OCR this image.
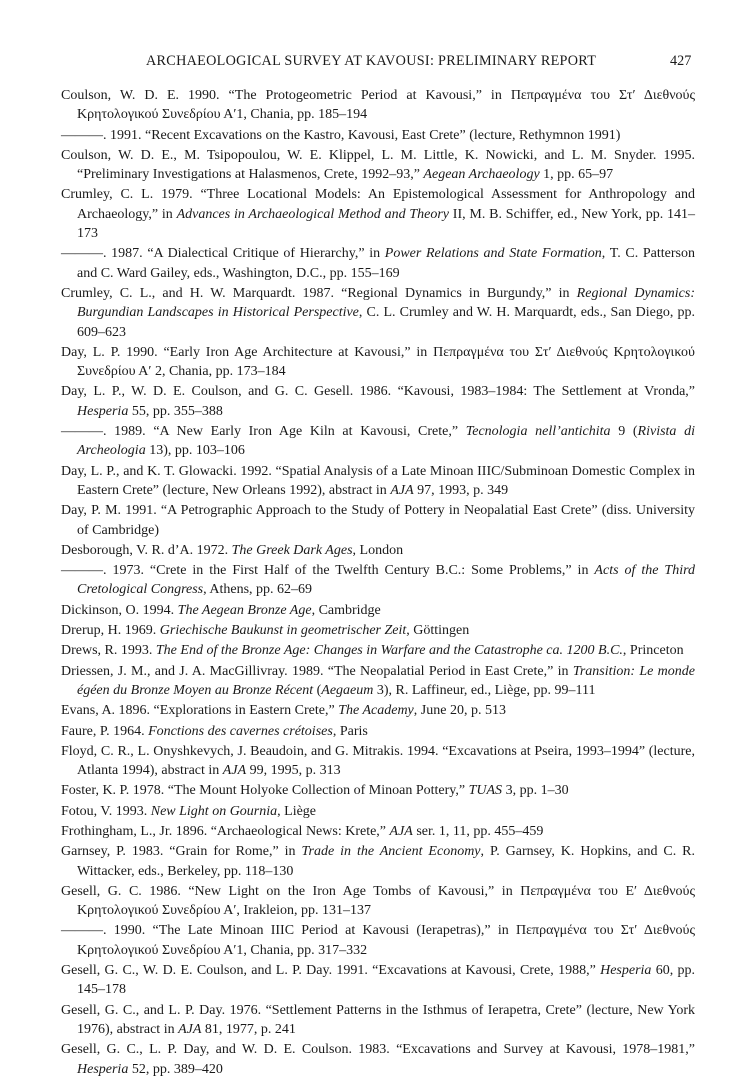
ARCHAEOLOGICAL SURVEY AT KAVOUSI: PRELIMINARY REPORT	427

Coulson, W. D. E. 1990. “The Protogeometric Period at Kavousi,” in Πεπραγμένα του Στ′ Διεθνούς Κρητολογικού Συνεδρίου Α′1, Chania, pp. 185–194

———. 1991. “Recent Excavations on the Kastro, Kavousi, East Crete” (lecture, Rethymnon 1991)

Coulson, W. D. E., M. Tsipopoulou, W. E. Klippel, L. M. Little, K. Nowicki, and L. M. Snyder. 1995. “Preliminary Investigations at Halasmenos, Crete, 1992–93,” Aegean Archaeology 1, pp. 65–97

Crumley, C. L. 1979. “Three Locational Models: An Epistemological Assessment for Anthropology and Archaeology,” in Advances in Archaeological Method and Theory II, M. B. Schiffer, ed., New York, pp. 141–173

———. 1987. “A Dialectical Critique of Hierarchy,” in Power Relations and State Formation, T. C. Patterson and C. Ward Gailey, eds., Washington, D.C., pp. 155–169

Crumley, C. L., and H. W. Marquardt. 1987. “Regional Dynamics in Burgundy,” in Regional Dynamics: Burgundian Landscapes in Historical Perspective, C. L. Crumley and W. H. Marquardt, eds., San Diego, pp. 609–623

Day, L. P. 1990. “Early Iron Age Architecture at Kavousi,” in Πεπραγμένα του Στ′ Διεθνούς Κρητολογικού Συνεδρίου Α′ 2, Chania, pp. 173–184

Day, L. P., W. D. E. Coulson, and G. C. Gesell. 1986. “Kavousi, 1983–1984: The Settlement at Vronda,” Hesperia 55, pp. 355–388

———. 1989. “A New Early Iron Age Kiln at Kavousi, Crete,” Tecnologia nell’antichita 9 (Rivista di Archeologia 13), pp. 103–106

Day, L. P., and K. T. Glowacki. 1992. “Spatial Analysis of a Late Minoan IIIC/Subminoan Domestic Complex in Eastern Crete” (lecture, New Orleans 1992), abstract in AJA 97, 1993, p. 349

Day, P. M. 1991. “A Petrographic Approach to the Study of Pottery in Neopalatial East Crete” (diss. University of Cambridge)

Desborough, V. R. d’A. 1972. The Greek Dark Ages, London

———. 1973. “Crete in the First Half of the Twelfth Century B.C.: Some Problems,” in Acts of the Third Cretological Congress, Athens, pp. 62–69

Dickinson, O. 1994. The Aegean Bronze Age, Cambridge

Drerup, H. 1969. Griechische Baukunst in geometrischer Zeit, Göttingen

Drews, R. 1993. The End of the Bronze Age: Changes in Warfare and the Catastrophe ca. 1200 B.C., Princeton

Driessen, J. M., and J. A. MacGillivray. 1989. “The Neopalatial Period in East Crete,” in Transition: Le monde égéen du Bronze Moyen au Bronze Récent (Aegaeum 3), R. Laffineur, ed., Liège, pp. 99–111

Evans, A. 1896. “Explorations in Eastern Crete,” The Academy, June 20, p. 513

Faure, P. 1964. Fonctions des cavernes crétoises, Paris

Floyd, C. R., L. Onyshkevych, J. Beaudoin, and G. Mitrakis. 1994. “Excavations at Pseira, 1993–1994” (lecture, Atlanta 1994), abstract in AJA 99, 1995, p. 313

Foster, K. P. 1978. “The Mount Holyoke Collection of Minoan Pottery,” TUAS 3, pp. 1–30

Fotou, V. 1993. New Light on Gournia, Liège

Frothingham, L., Jr. 1896. “Archaeological News: Krete,” AJA ser. 1, 11, pp. 455–459

Garnsey, P. 1983. “Grain for Rome,” in Trade in the Ancient Economy, P. Garnsey, K. Hopkins, and C. R. Wittacker, eds., Berkeley, pp. 118–130

Gesell, G. C. 1986. “New Light on the Iron Age Tombs of Kavousi,” in Πεπραγμένα του Ε′ Διεθνούς Κρητολογικού Συνεδρίου Α′, Irakleion, pp. 131–137

———. 1990. “The Late Minoan IIIC Period at Kavousi (Ierapetras),” in Πεπραγμένα του Στ′ Διεθνούς Κρητολογικού Συνεδρίου Α′1, Chania, pp. 317–332

Gesell, G. C., W. D. E. Coulson, and L. P. Day. 1991. “Excavations at Kavousi, Crete, 1988,” Hesperia 60, pp. 145–178

Gesell, G. C., and L. P. Day. 1976. “Settlement Patterns in the Isthmus of Ierapetra, Crete” (lecture, New York 1976), abstract in AJA 81, 1977, p. 241

Gesell, G. C., L. P. Day, and W. D. E. Coulson. 1983. “Excavations and Survey at Kavousi, 1978–1981,” Hesperia 52, pp. 389–420
